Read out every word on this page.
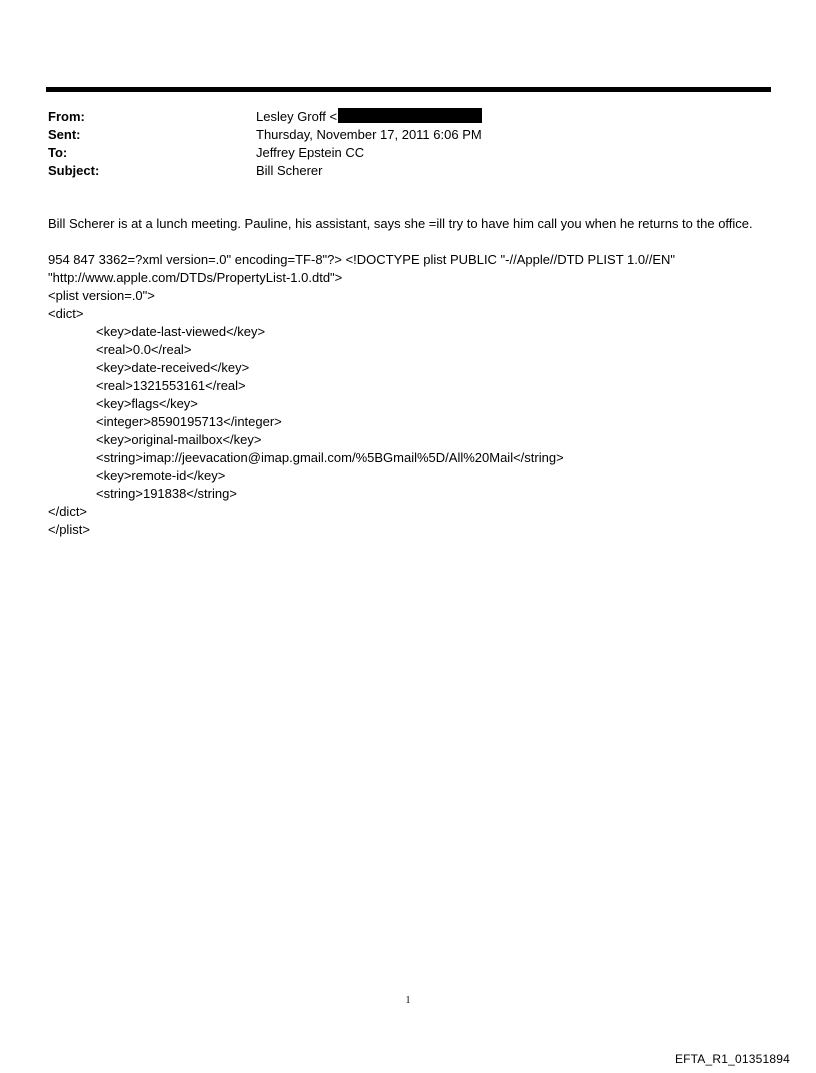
From:	Lesley Groff <
Sent:	Thursday, November 17, 2011 6:06 PM
To:	Jeffrey Epstein CC
Subject:	Bill Scherer

Bill Scherer is at a lunch meeting. Pauline, his assistant, says she =ill try to have him call you when he returns to the office.

954 847 3362=?xml version=.0" encoding=TF-8"?> <!DOCTYPE plist PUBLIC "-//Apple//DTD PLIST 1.0//EN"
"http://www.apple.com/DTDs/PropertyList-1.0.dtd">
<plist version=.0">
<dict>
<key>date-last-viewed</key>
<real>0.0</real>
<key>date-received</key>
<real>1321553161</real>
<key>flags</key>
<integer>8590195713</integer>
<key>original-mailbox</key>
<string>imap://jeevacation@imap.gmail.com/%5BGmail%5D/All%20Mail</string>
<key>remote-id</key>
<string>191838</string>
</dict>
</plist>
1
EFTA_R1_01351894
